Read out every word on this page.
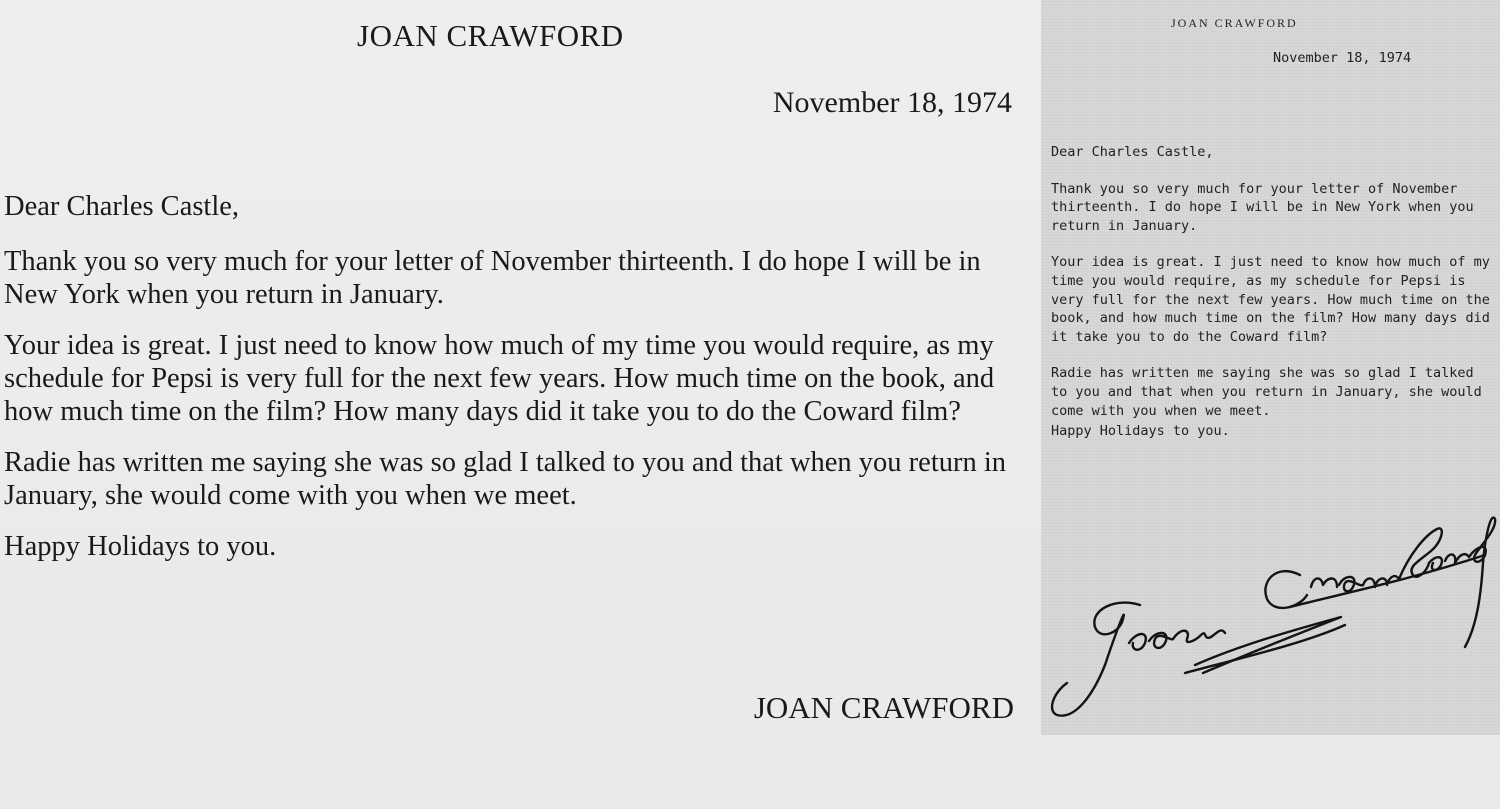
JOAN CRAWFORD
November 18, 1974

Dear Charles Castle,

Thank you so very much for your letter of November thirteenth. I do hope I will be in New York when you return in January.

Your idea is great. I just need to know how much of my time you would require, as my schedule for Pepsi is very full for the next few years. How much time on the book, and how much time on the film? How many days did it take you to do the Coward film?

Radie has written me saying she was so glad I talked to you and that when you return in January, she would come with you when we meet.

Happy Holidays to you.

JOAN CRAWFORD
JOAN CRAWFORD
November 18, 1974

Dear Charles Castle,

Thank you so very much for your letter of November thirteenth. I do hope I will be in New York when you return in January.

Your idea is great. I just need to know how much of my time you would require, as my schedule for Pepsi is very full for the next few years. How much time on the book, and how much time on the film? How many days did it take you to do the Coward film?

Radie has written me saying she was so glad I talked to you and that when you return in January, she would come with you when we meet.

Happy Holidays to you.
